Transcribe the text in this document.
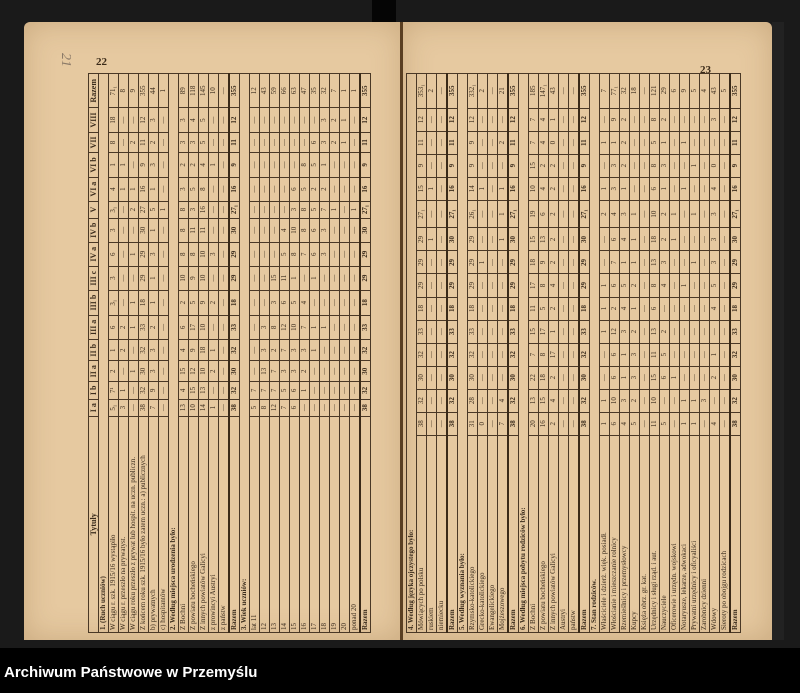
21 22
23
Tytuły	I a	I b	II a	II b	III a	III b	III c	IV a	IV b	V	VI a	VI b	VII	VIII	Razem
1. (Ruch uczniów)															
W ciągu r. szk. 1915/16 wystąpiło	5₁	7¹	2	1	6	3₁	3	6	3	3₁	4	1	8	18	71₁
W ciągu r. przeszło na prywatyst.	3	1	—	2	2	—	—	—	—	—	1	1	—	—	8
W ciągu roku przeszło z prywat lub hospit. na uczn. publiczn.	—	—	1	—	1	1	—	1	—	2	1	—	2	—	9
Z końcem roku szk. 1915/16 było zatem uczn.: a) publicznych	38	32	30	32	33	18	29	29	30	27	16	9	11	12	355
b) prywatnych	7	9	3	3	2	1	1	3	1	5	1	3	2	3	44
c) hospitantów	—	—	—	—	—	—	—	—	—	1	—	—	—	—	1
2. Według miejsca urodzenia było:															
Z Bochni	13	4	15	4	6	2	10	8	8	8	3	2	3	3	89
Z powiatu bocheńskiego	10	15	12	9	17	5	9	8	11	3	5	2	3	4	118
Z innych powiatów Galicyi	14	13	10	18	10	9	10	10	11	16	8	4	5	5	145
z prowincyi Austryi	1	—	2	1	—	2	—	3	—	—	—	1	—	—	10
z państw	—	—	—	—	—	—	—	—	—	—	—	—	—	—	—
Razem	38	32	30	32	33	18	29	29	30	27₁	16	9	11	12	355
3. Wiek uczniów:															
lat 11	5	7	—	—	—	—	—	—	—	—	—	—	—	—	12
12	8	7	13	3	3	—	—	—	—	—	—	—	—	—	43
13	12	7	7	2	8	3	15	—	—	—	—	—	—	—	59
14	7	5	3	7	12	6	11	5	4	—	—	—	—	—	66
15	6	6	3	3	10	5	1	8	10	3	6	—	—	—	63
16	—	1	2	3	7	4	—	7	8	8	5	8	—	—	47
17	—	—	—	1	1	—	1	6	6	5	2	5	6	—	35
18	—	—	—	—	1	—	—	3	3	7	2	1	3	3	32
19	—	—	—	—	—	—	—	—	—	1	—	—	2	2	7
20	—	—	—	—	—	—	—	—	—	—	—	—	1	1	1
ponad 20	—	—	—	—	—	—	—	—	—	1	—	—	—	—	1
Razem	38	32	30	32	33	18	29	29	30	27₁	16	9	11	12	355
4. Według języka ojczystego było:															
Mówiących po polsku	38	32	30	32	33	18	29	29	29	27₁	15	9	11	12	353₁
ruskiem	—	—	—	—	—	—	—	—	1	—	1	—	—	—	2
niemiecku	—	—	—	—	—	—	—	—	—	—	—	—	—	—	—
Razem	38	32	30	32	33	18	29	29	30	27₁	16	9	11	12	355
5. Według wyznania było:															
Rzymsko-katolickiego	31	28	30	32	33	18	29	29	29	26₁	14	9	9	12	332₁
Grecko-katolickiego	0	—	—	—	—	—	—	1	—	—	1	—	—	—	2
Ewangelickiego	—	—	—	—	—	—	—	—	—	—	—	—	—	—	—
Mojżeszowego	7	4	—	—	—	—	—	—	1	1	1	—	2	—	21
Razem	38	32	30	32	33	18	29	29	30	27₁	16	9	11	12	355
6. Według miejsca pobytu rodziców było:															
Z Bochni	20	13	22	7	15	11	17	18	15	19	10	15	7	7	185
Z powiatu bocheńskiego	16	15	18	8	17	5	8	9	13	6	4	2	4	4	147₁
Z innych powiatów Galicyi	2	4	2	17	1	2	4	2	2	2	2	2	0	1	43
Austryi	—	—	—	—	—	—	—	—	—	—	—	—	—	—	—
państw	—	—	—	—	—	—	—	—	—	—	—	—	—	—	—
Razem	38	32	30	32	33	18	29	29	30	27₁	16	9	11	12	355
7. Stan rodziców.															
Właściciele i dzierż. więk. posiadł.	1	1	—	—	1	1	1	—	—	2	1	—	1	—	7
Włościanie i mieszczanie rolnicy	6	10	6	6	12	2	6	7	6	4	3	3	1	9	77₁
Rzemieślnicy i przemysłowcy	4	3	1	1	3	4	5	1	4	3	1	2	2	2	32
Kupcy	5	2	3	3	2	1	2	1	1	1	—	—	—	—	18
Księża obrz. gr. kat.	—	—	—	—	—	—	—	—	—	—	—	—	—	—	—
Urzędnicy i sługi rząd. i aut.	11	10	15	11	13	6	8	13	18	10	6	8	5	8	121
Nauczyciele	5	—	6	5	2	—	4	3	2	2	1	3	1	2	29
Oficerowie i urzędn. wojskowi	—	—	1	—	—	—	—	—	1	1	—	—	—	—	6
Notaryusze, lekarze, adwokaci	1	1	—	—	—	—	1	—	—	—	1	—	1	—	9
Prywatni urzędnicy i oficyaliści	1	1	—	—	—	—	—	1	—	1	—	1	—	—	5
Zarobnicy dzienni	—	3	—	—	—	—	—	—	—	—	—	—	—	—	4
Wdowy	4	—	2	1	—	4	5	3	3	3	4	0	—	3	43
Sieroty po obojgu rodzicach	—	—	—	—	—	—	—	—	—	—	—	—	—	—	5
Razem	38	32	30	32	33	18	29	29	30	27₁	16	9	11	12	355
Archiwum Państwowe w Przemyślu
